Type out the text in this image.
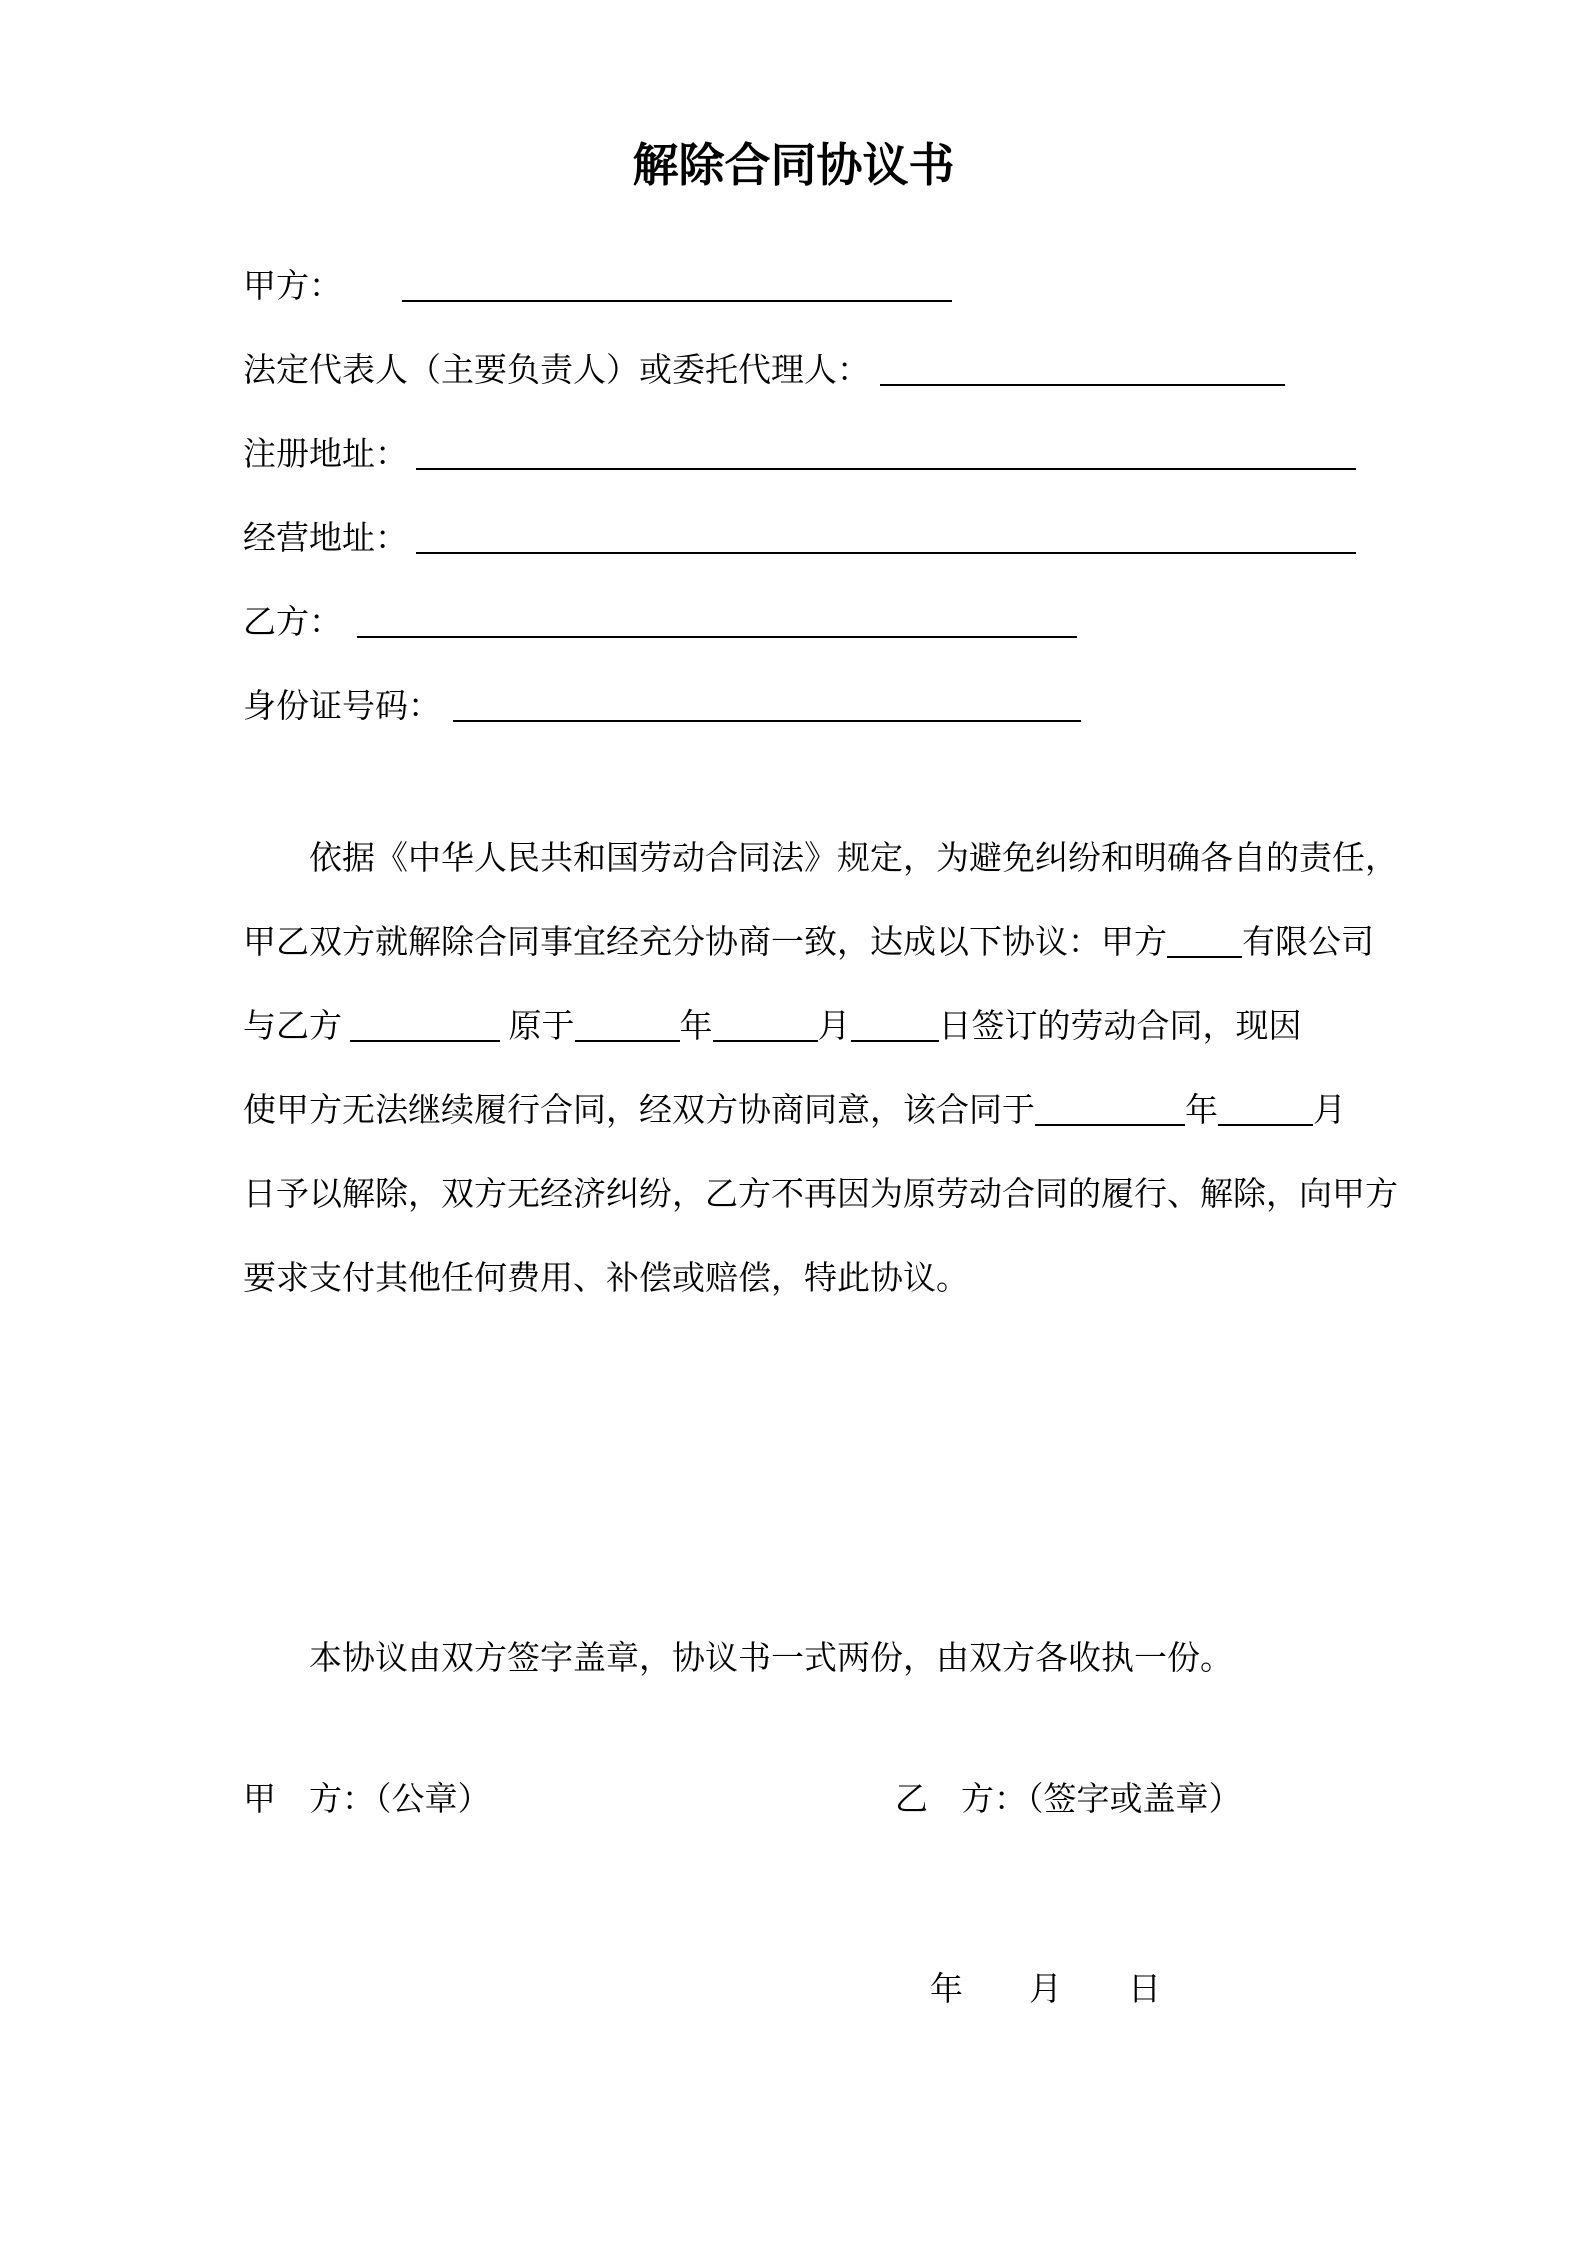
解除合同协议书
甲方：
法定代表人（主要负责人）或委托代理人：
注册地址：
经营地址：
乙方：
身份证号码：
依据《中华人民共和国劳动合同法》规定，为避免纠纷和明确各自的责任，
甲乙双方就解除合同事宜经充分协商一致，达成以下协议：甲方 有限公司
与乙方	原于	年	月	日签订的劳动合同，现因
使甲方无法继续履行合同，经双方协商同意，该合同于	年	月
日予以解除，双方无经济纠纷，乙方不再因为原劳动合同的履行、解除，向甲方
要求支付其他任何费用、补偿或赔偿，特此协议。
本协议由双方签字盖章，协议书一式两份，由双方各收执一份。
甲　方：（公章）	乙　方：（签字或盖章）
年　　月　　日
